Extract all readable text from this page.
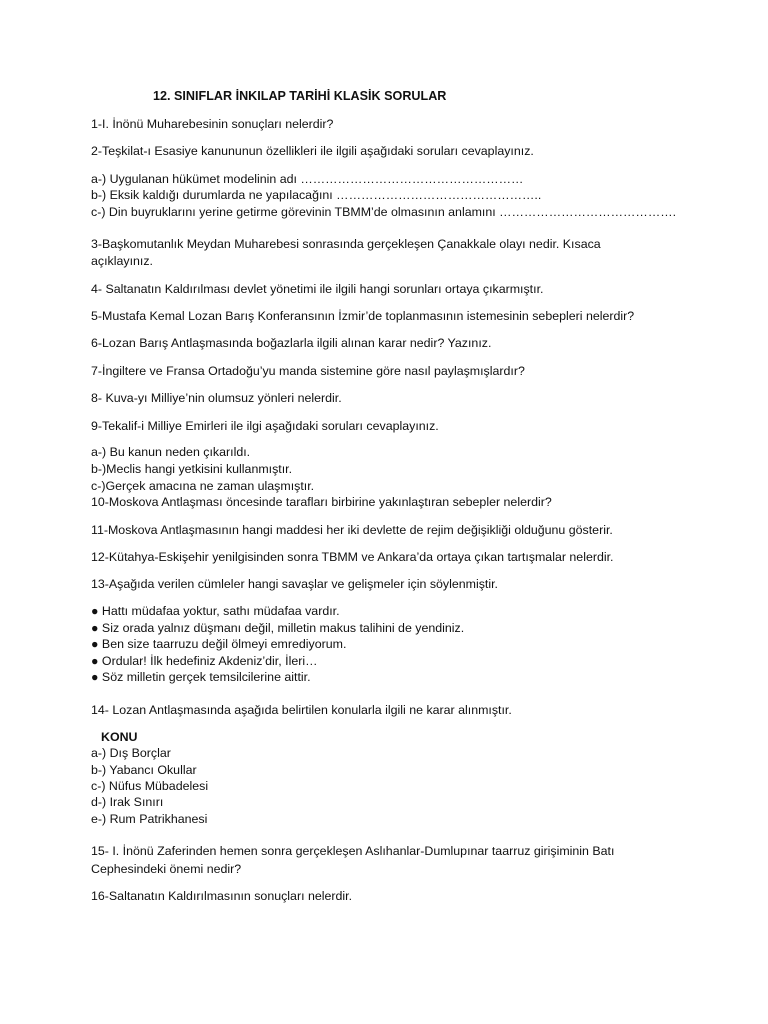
12. SINIFLAR İNKILAP TARİHİ KLASİK SORULAR
1-I. İnönü Muharebesinin sonuçları nelerdir?
2-Teşkilat-ı Esasiye kanununun özellikleri ile ilgili aşağıdaki soruları cevaplayınız.
a-) Uygulanan hükümet modelinin adı ………………………………………………
b-) Eksik kaldığı durumlarda ne yapılacağını …………………………………………..
c-) Din buyruklarını yerine getirme görevinin TBMM’de olmasının anlamını …………………………………….
3-Başkomutanlık Meydan Muharebesi sonrasında gerçekleşen Çanakkale olayı nedir. Kısaca
açıklayınız.
4- Saltanatın Kaldırılması devlet yönetimi ile ilgili hangi sorunları ortaya çıkarmıştır.
5-Mustafa Kemal Lozan Barış Konferansının İzmir’de toplanmasının istemesinin sebepleri nelerdir?
6-Lozan Barış Antlaşmasında boğazlarla ilgili alınan karar nedir? Yazınız.
7-İngiltere ve Fransa Ortadoğu’yu manda sistemine göre nasıl paylaşmışlardır?
8- Kuva-yı Milliye’nin olumsuz yönleri nelerdir.
9-Tekalif-i Milliye Emirleri ile ilgi aşağıdaki soruları cevaplayınız.
a-) Bu kanun neden çıkarıldı.
b-)Meclis hangi yetkisini kullanmıştır.
c-)Gerçek amacına ne zaman ulaşmıştır.
10-Moskova Antlaşması öncesinde tarafları birbirine yakınlaştıran sebepler nelerdir?
11-Moskova Antlaşmasının hangi maddesi her iki devlette de rejim değişikliği olduğunu gösterir.
12-Kütahya-Eskişehir yenilgisinden sonra TBMM ve Ankara’da ortaya çıkan tartışmalar nelerdir.
13-Aşağıda verilen cümleler hangi savaşlar ve gelişmeler için söylenmiştir.
● Hattı müdafaa yoktur, sathı müdafaa vardır.
● Siz orada yalnız düşmanı değil, milletin makus talihini de yendiniz.
● Ben size taarruzu değil ölmeyi emrediyorum.
● Ordular! İlk hedefiniz Akdeniz’dir, İleri…
● Söz milletin gerçek temsilcilerine aittir.
14- Lozan Antlaşmasında aşağıda belirtilen konularla ilgili ne karar alınmıştır.
KONU
a-) Dış Borçlar
b-) Yabancı Okullar
c-) Nüfus Mübadelesi
d-) Irak Sınırı
e-) Rum Patrikhanesi
15- I. İnönü Zaferinden hemen sonra gerçekleşen Aslıhanlar-Dumlupınar taarruz girişiminin Batı
Cephesindeki önemi nedir?
16-Saltanatın Kaldırılmasının sonuçları nelerdir.
